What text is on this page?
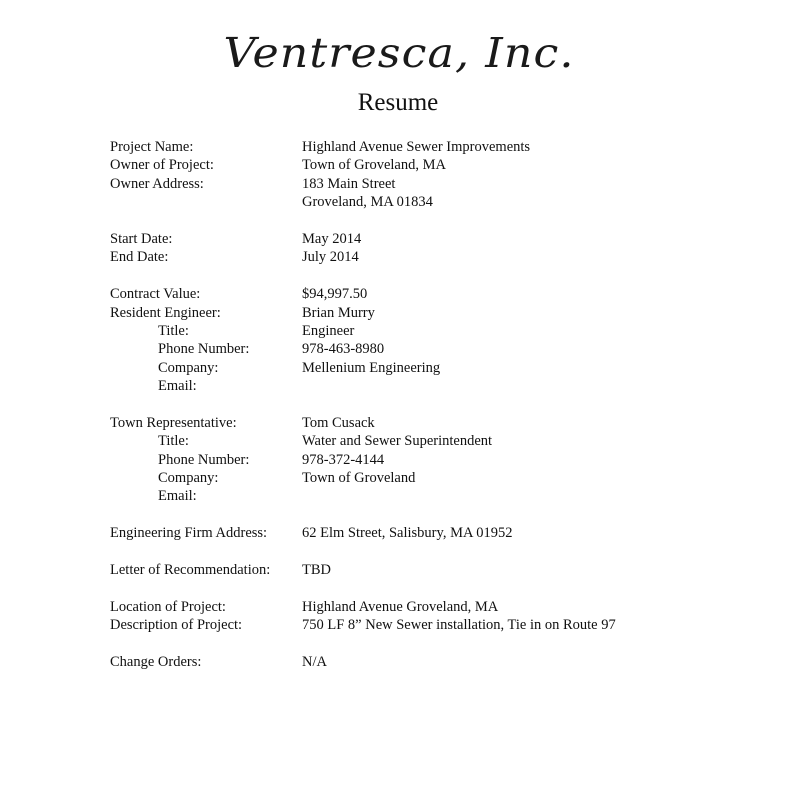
Ventresca, Inc.
Resume
Project Name:	Highland Avenue Sewer Improvements
Owner of Project:	Town of Groveland, MA
Owner Address:	183 Main Street
Groveland, MA 01834
Start Date:	May 2014
End Date:	July 2014
Contract Value:	$94,997.50
Resident Engineer:	Brian Murry
Title:	Engineer
Phone Number:	978-463-8980
Company:	Mellenium Engineering
Email:
Town Representative:	Tom Cusack
Title:	Water and Sewer Superintendent
Phone Number:	978-372-4144
Company:	Town of Groveland
Email:
Engineering Firm Address: 62 Elm Street, Salisbury, MA 01952
Letter of Recommendation: TBD
Location of Project:	Highland Avenue Groveland, MA
Description of Project:	750 LF 8” New Sewer installation, Tie in on Route 97
Change Orders:	N/A
